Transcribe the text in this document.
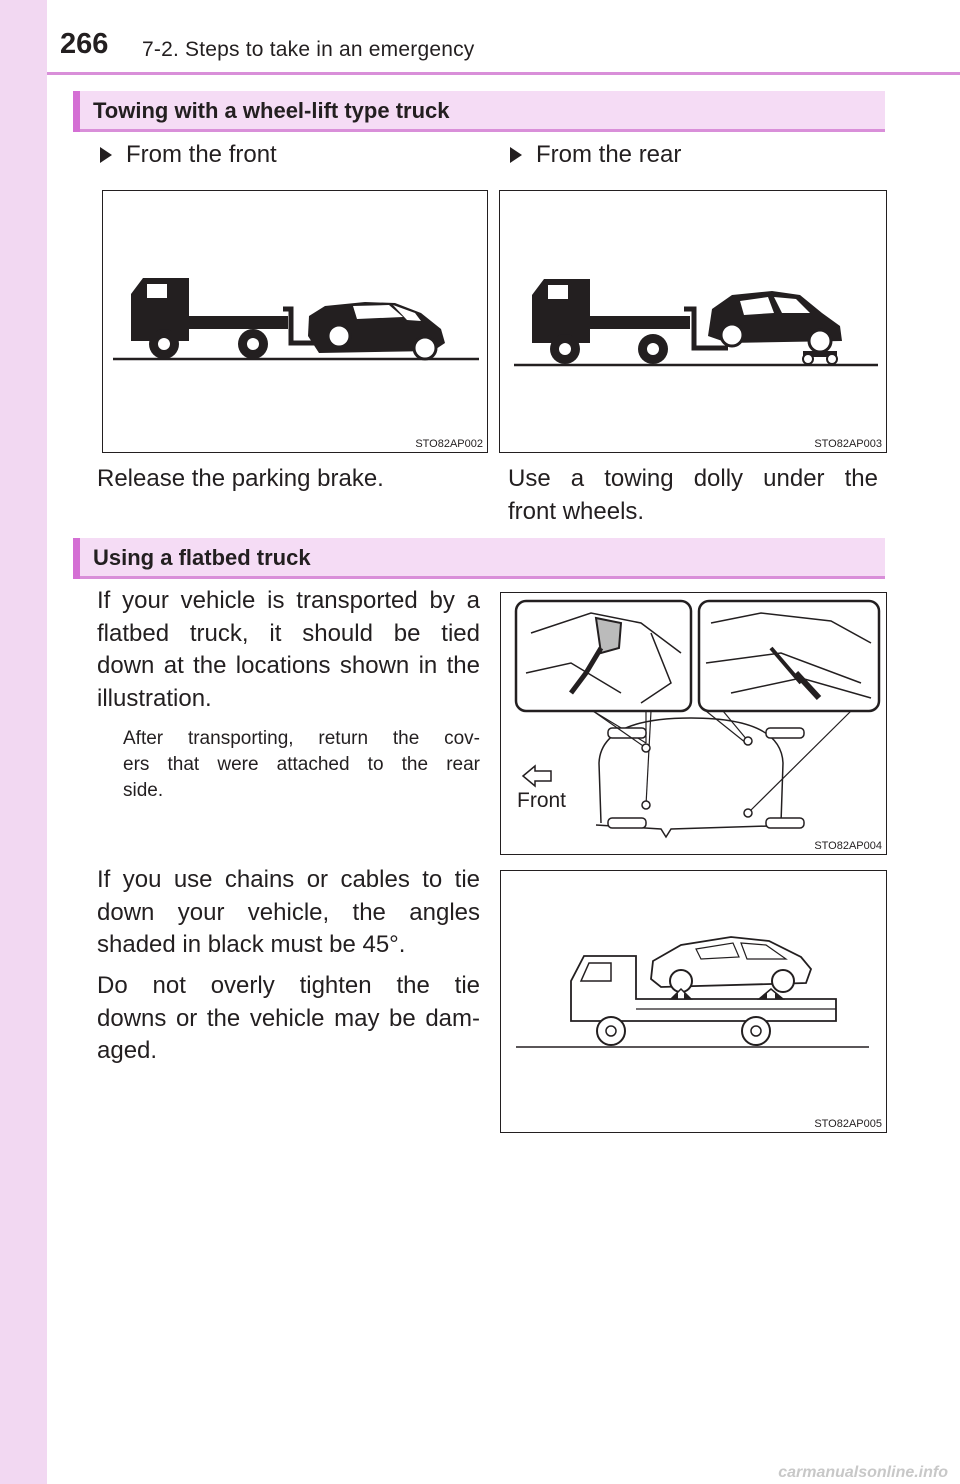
266 7-2. Steps to take in an emergency
Towing with a wheel-lift type truck
From the front	From the rear
STO82AP002	STO82AP003
Release the parking brake.	Use a towing dolly under the
front wheels.
Using a flatbed truck
If your vehicle is transported by a
flatbed truck, it should be tied
down at the locations shown in the
illustration.
After transporting, return the cov-
ers that were attached to the rear
side.	Front
STO82AP004
If you use chains or cables to tie
down your vehicle, the angles
shaded in black must be 45°.
Do not overly tighten the tie
downs or the vehicle may be dam-
aged.
STO82AP005
carmanualsonline.info
